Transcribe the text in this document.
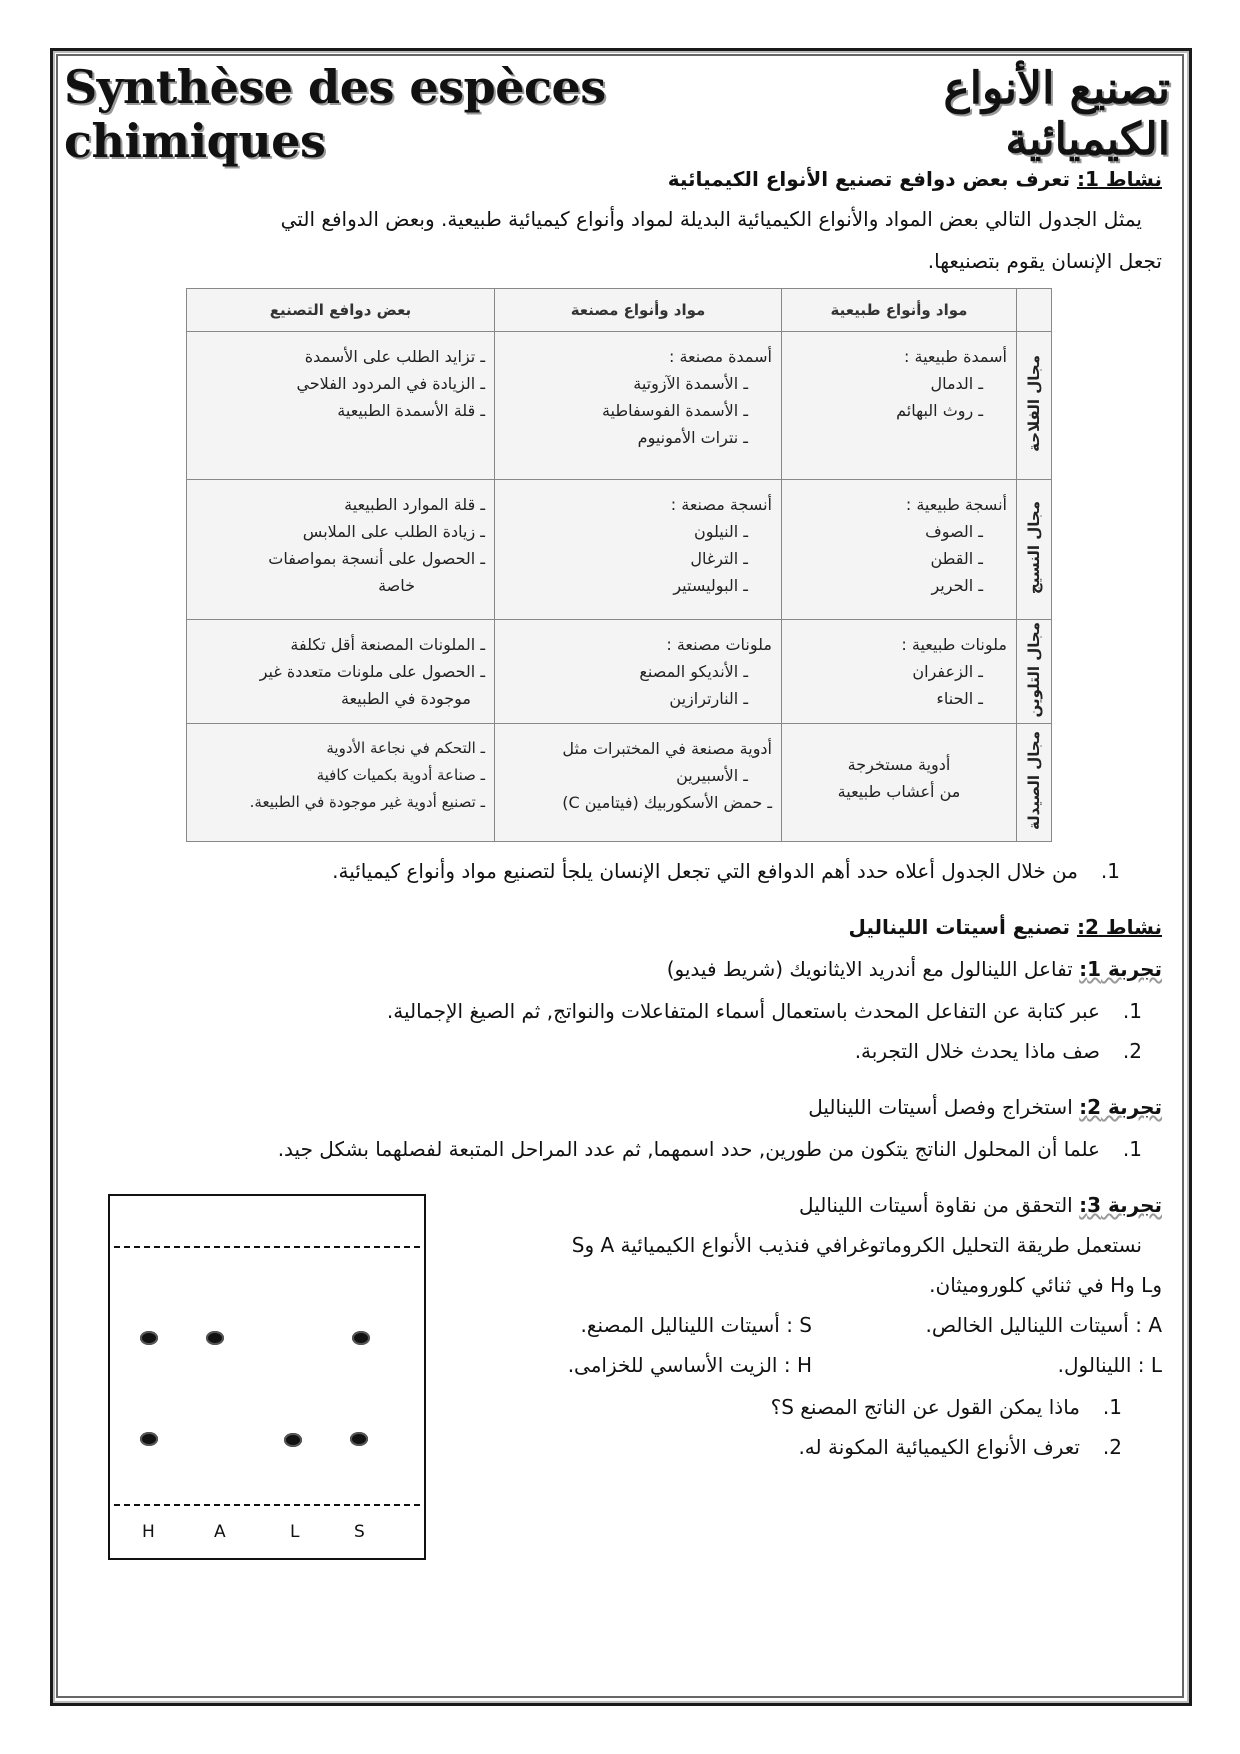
Synthèse des espèces chimiques
تصنيع الأنواع الكيميائية
نشاط 1: تعرف بعض دوافع تصنيع الأنواع الكيميائية
يمثل الجدول التالي بعض المواد والأنواع الكيميائية البديلة لمواد وأنواع كيميائية طبيعية. وبعض الدوافع التي
تجعل الإنسان يقوم بتصنيعها.
	مواد وأنواع طبيعية	مواد وأنواع مصنعة	بعض دوافع التصنيع
مجال الفلاحة	أسمدة طبيعية :
ـ الدمال
ـ روث البهائم	أسمدة مصنعة :
ـ الأسمدة الآزوتية
ـ الأسمدة الفوسفاطية
ـ نترات الأمونيوم	ـ تزايد الطلب على الأسمدة
ـ الزيادة في المردود الفلاحي
ـ قلة الأسمدة الطبيعية

مجال النسيج	أنسجة طبيعية :
ـ الصوف
ـ القطن
ـ الحرير	أنسجة مصنعة :
ـ النيلون
ـ الترغال
ـ البوليستير	ـ قلة الموارد الطبيعية
ـ زيادة الطلب على الملابس
ـ الحصول على أنسجة بمواصفات
خاصة

مجال التلوين	ملونات طبيعية :
ـ الزعفران
ـ الحناء	ملونات مصنعة :
ـ الأنديكو المصنع
ـ النارترازين	ـ الملونات المصنعة أقل تكلفة
ـ الحصول على ملونات متعددة غير
موجودة في الطبيعة

مجال الصيدلة	أدوية مستخرجة
من أعشاب طبيعية	أدوية مصنعة في المختبرات مثل
ـ الأسبيرين
ـ حمض الأسكوربيك (فيتامين C)	ـ التحكم في نجاعة الأدوية
ـ صناعة أدوية بكميات كافية
ـ تصنيع أدوية غير موجودة في الطبيعة.
1.من خلال الجدول أعلاه حدد أهم الدوافع التي تجعل الإنسان يلجأ لتصنيع مواد وأنواع كيميائية.
نشاط 2: تصنيع أسيتات الليناليل
تجربة 1: تفاعل اللينالول مع أندريد الايثانويك (شريط فيديو)
1.عبر كتابة عن التفاعل المحدث باستعمال أسماء المتفاعلات والنواتج, ثم الصيغ الإجمالية.
2.صف ماذا يحدث خلال التجربة.
تجربة 2: استخراج وفصل أسيتات الليناليل
1.علما أن المحلول الناتج يتكون من طورين, حدد اسمهما, ثم عدد المراحل المتبعة لفصلهما بشكل جيد.
تجربة 3: التحقق من نقاوة أسيتات الليناليل
نستعمل طريقة التحليل الكروماتوغرافي فنذيب الأنواع الكيميائية A وS
وL وH في ثنائي كلوروميثان.
A : أسيتات الليناليل الخالص.
S : أسيتات الليناليل المصنع.
L : اللينالول.
H : الزيت الأساسي للخزامى.
1.ماذا يمكن القول عن الناتج المصنع S؟
2.تعرف الأنواع الكيميائية المكونة له.
H	A	L	S
